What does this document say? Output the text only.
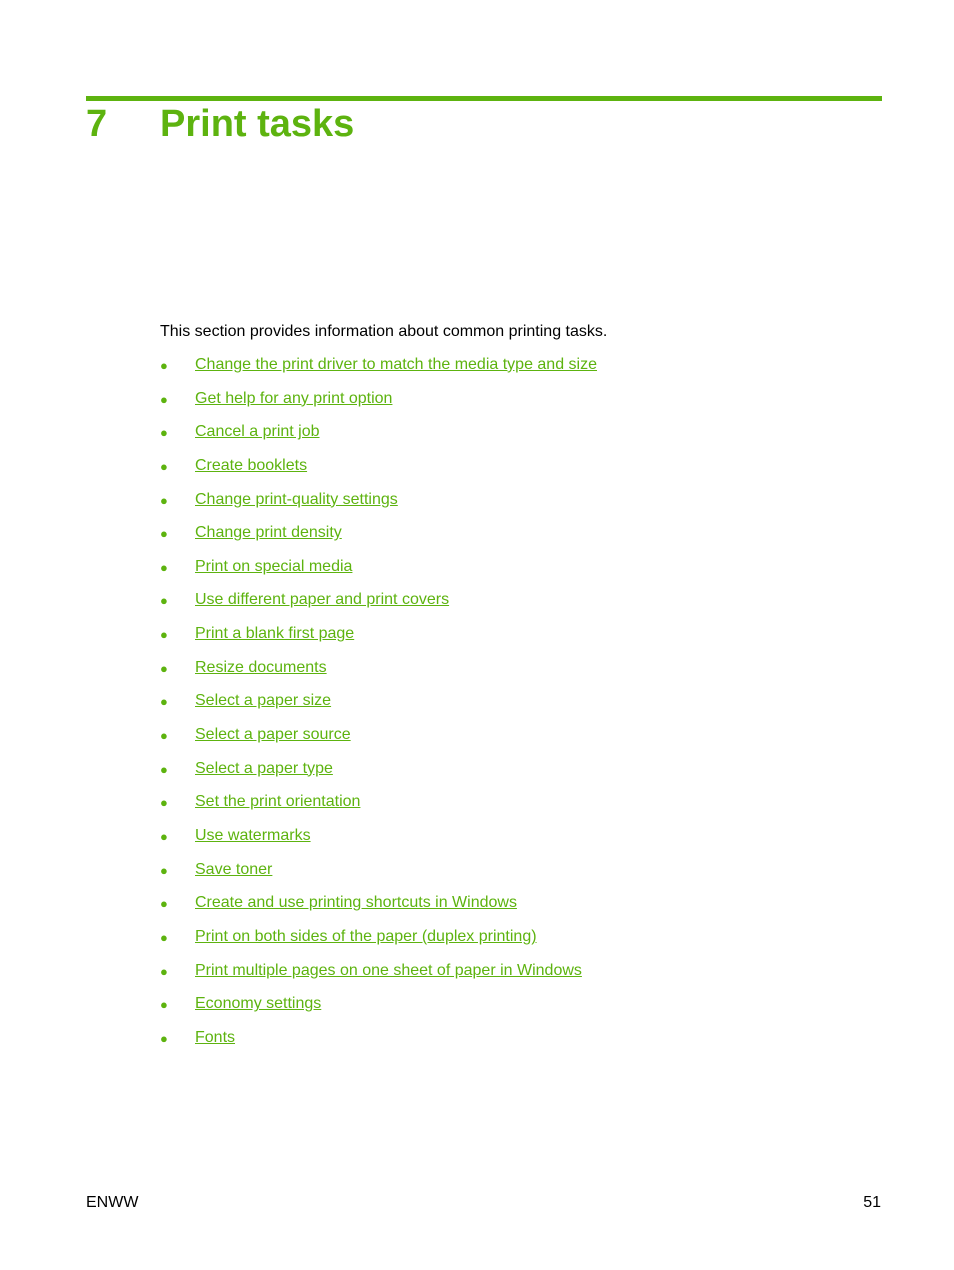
7 Print tasks

This section provides information about common printing tasks.

●	Change the print driver to match the media type and size
●	Get help for any print option
●	Cancel a print job
●	Create booklets
●	Change print-quality settings
●	Change print density
●	Print on special media
●	Use different paper and print covers
●	Print a blank first page
●	Resize documents
●	Select a paper size
●	Select a paper source
●	Select a paper type
●	Set the print orientation
●	Use watermarks
●	Save toner
●	Create and use printing shortcuts in Windows
●	Print on both sides of the paper (duplex printing)
●	Print multiple pages on one sheet of paper in Windows
●	Economy settings
●	Fonts
ENWW	51
